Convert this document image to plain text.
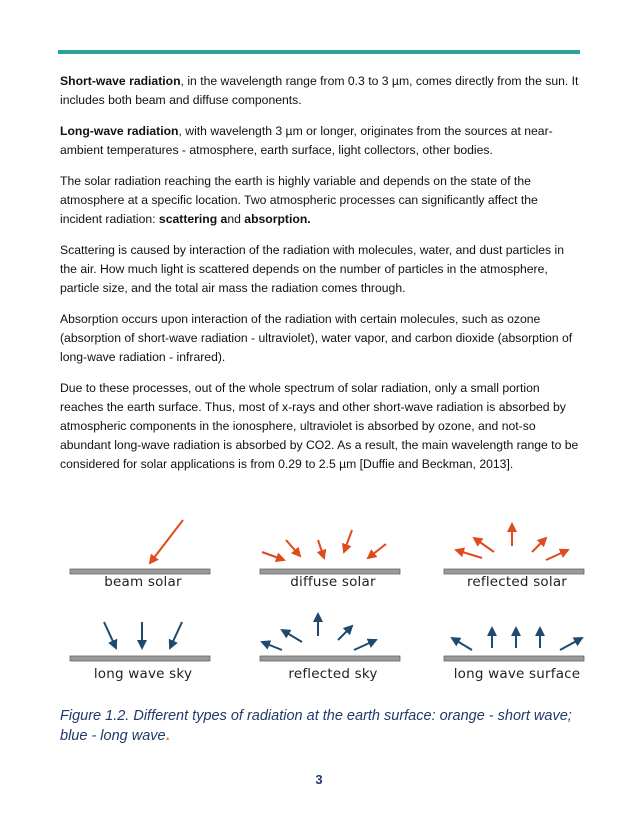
Short-wave radiation, in the wavelength range from 0.3 to 3 µm, comes directly from the sun. It includes both beam and diffuse components.

Long-wave radiation, with wavelength 3 µm or longer, originates from the sources at near-ambient temperatures - atmosphere, earth surface, light collectors, other bodies.

The solar radiation reaching the earth is highly variable and depends on the state of the atmosphere at a specific location. Two atmospheric processes can significantly affect the incident radiation: scattering and absorption.

Scattering is caused by interaction of the radiation with molecules, water, and dust particles in the air. How much light is scattered depends on the number of particles in the atmosphere, particle size, and the total air mass the radiation comes through.

Absorption occurs upon interaction of the radiation with certain molecules, such as ozone (absorption of short-wave radiation - ultraviolet), water vapor, and carbon dioxide (absorption of long-wave radiation - infrared).

Due to these processes, out of the whole spectrum of solar radiation, only a small portion reaches the earth surface. Thus, most of x-rays and other short-wave radiation is absorbed by atmospheric components in the ionosphere, ultraviolet is absorbed by ozone, and not-so abundant long-wave radiation is absorbed by CO2. As a result, the main wavelength range to be considered for solar applications is from 0.29 to 2.5 µm [Duffie and Beckman, 2013].

beam solar	diffuse solar	reflected solar
long wave sky	reflected sky	long wave surface
Figure 1.2. Different types of radiation at the earth surface: orange - short wave; blue - long wave.
3
